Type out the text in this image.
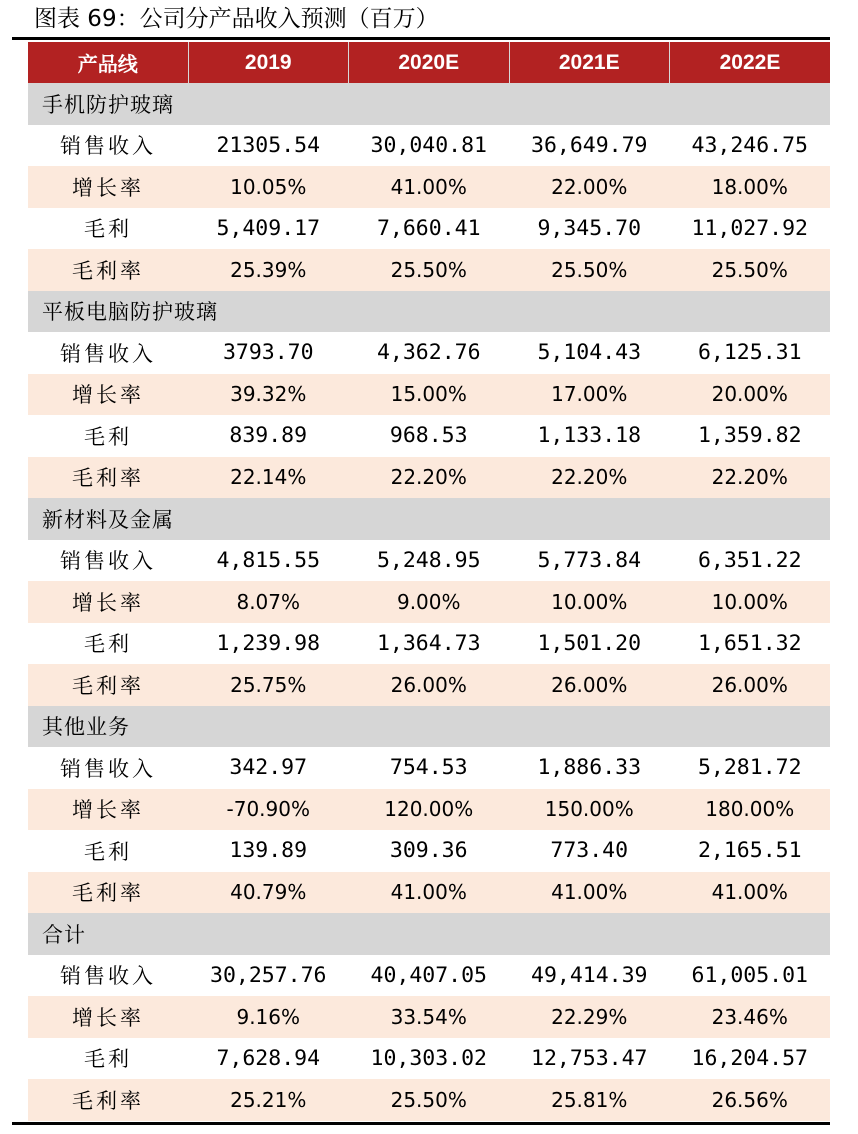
图表 69：公司分产品收入预测（百万）
产品线	2019	2020E	2021E	2022E
手机防护玻璃				
销售收入	21305.54	30,040.81	36,649.79	43,246.75
增长率	10.05%	41.00%	22.00%	18.00%
毛利	5,409.17	7,660.41	9,345.70	11,027.92
毛利率	25.39%	25.50%	25.50%	25.50%
平板电脑防护玻璃				
销售收入	3793.70	4,362.76	5,104.43	6,125.31
增长率	39.32%	15.00%	17.00%	20.00%
毛利	839.89	968.53	1,133.18	1,359.82
毛利率	22.14%	22.20%	22.20%	22.20%
新材料及金属				
销售收入	4,815.55	5,248.95	5,773.84	6,351.22
增长率	8.07%	9.00%	10.00%	10.00%
毛利	1,239.98	1,364.73	1,501.20	1,651.32
毛利率	25.75%	26.00%	26.00%	26.00%
其他业务				
销售收入	342.97	754.53	1,886.33	5,281.72
增长率	-70.90%	120.00%	150.00%	180.00%
毛利	139.89	309.36	773.40	2,165.51
毛利率	40.79%	41.00%	41.00%	41.00%
合计				
销售收入	30,257.76	40,407.05	49,414.39	61,005.01
增长率	9.16%	33.54%	22.29%	23.46%
毛利	7,628.94	10,303.02	12,753.47	16,204.57
毛利率	25.21%	25.50%	25.81%	26.56%
